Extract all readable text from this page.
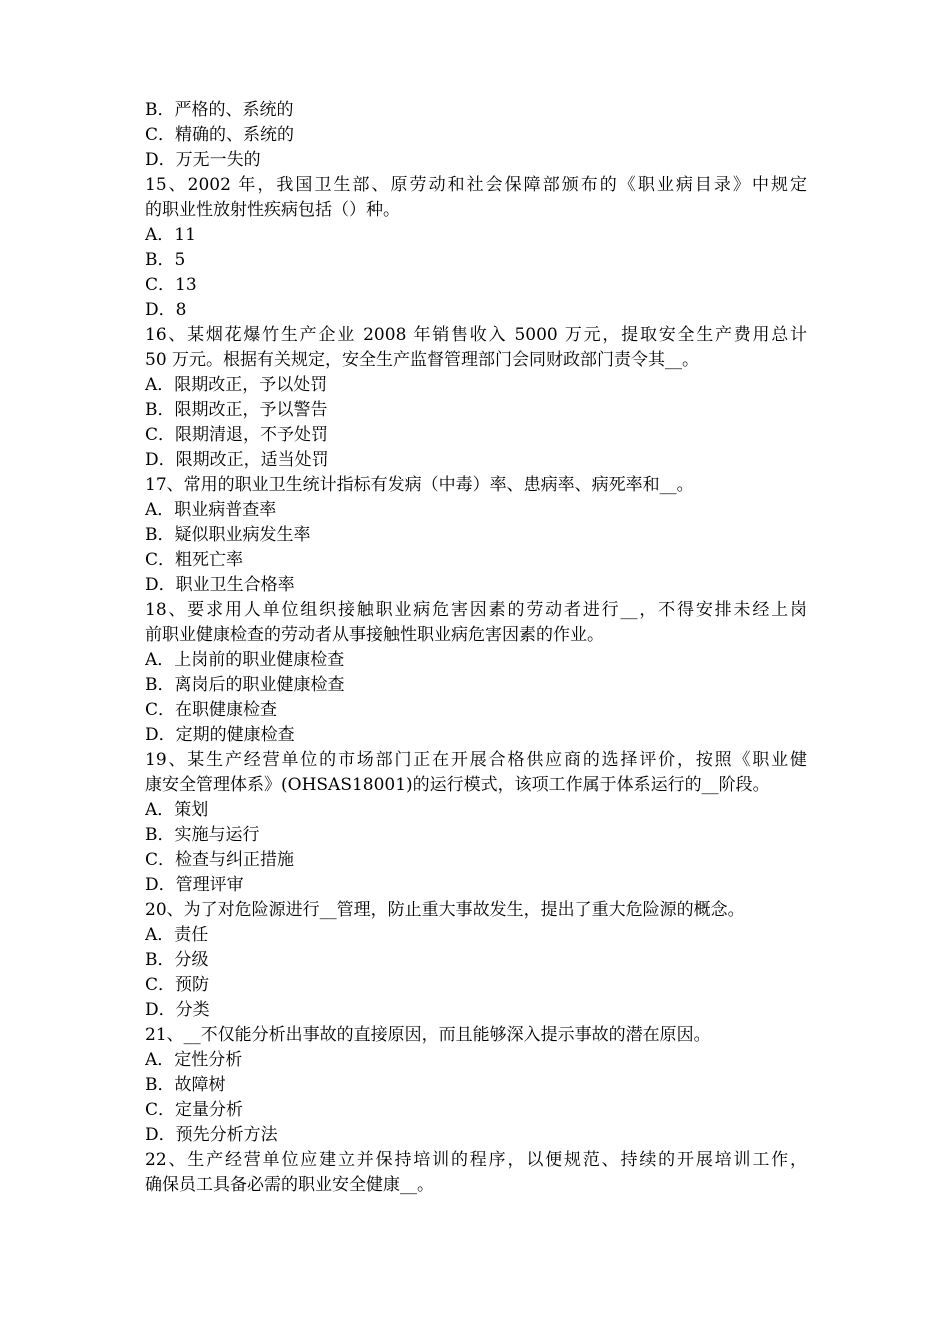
B．严格的、系统的
C．精确的、系统的
D．万无一失的
15、2002 年，我国卫生部、原劳动和社会保障部颁布的《职业病目录》中规定
的职业性放射性疾病包括（）种。
A．11
B．5
C．13
D．8
16、某烟花爆竹生产企业 2008 年销售收入 5000 万元，提取安全生产费用总计
50 万元。根据有关规定，安全生产监督管理部门会同财政部门责令其__。
A．限期改正，予以处罚
B．限期改正，予以警告
C．限期清退，不予处罚
D．限期改正，适当处罚
17、常用的职业卫生统计指标有发病（中毒）率、患病率、病死率和__。
A．职业病普查率
B．疑似职业病发生率
C．粗死亡率
D．职业卫生合格率
18、要求用人单位组织接触职业病危害因素的劳动者进行__，不得安排未经上岗
前职业健康检查的劳动者从事接触性职业病危害因素的作业。
A．上岗前的职业健康检查
B．离岗后的职业健康检查
C．在职健康检查
D．定期的健康检查
19、某生产经营单位的市场部门正在开展合格供应商的选择评价，按照《职业健
康安全管理体系》(OHSAS18001)的运行模式，该项工作属于体系运行的__阶段。
A．策划
B．实施与运行
C．检查与纠正措施
D．管理评审
20、为了对危险源进行__管理，防止重大事故发生，提出了重大危险源的概念。
A．责任
B．分级
C．预防
D．分类
21、__不仅能分析出事故的直接原因，而且能够深入提示事故的潜在原因。
A．定性分析
B．故障树
C．定量分析
D．预先分析方法
22、生产经营单位应建立并保持培训的程序，以便规范、持续的开展培训工作，
确保员工具备必需的职业安全健康__。
